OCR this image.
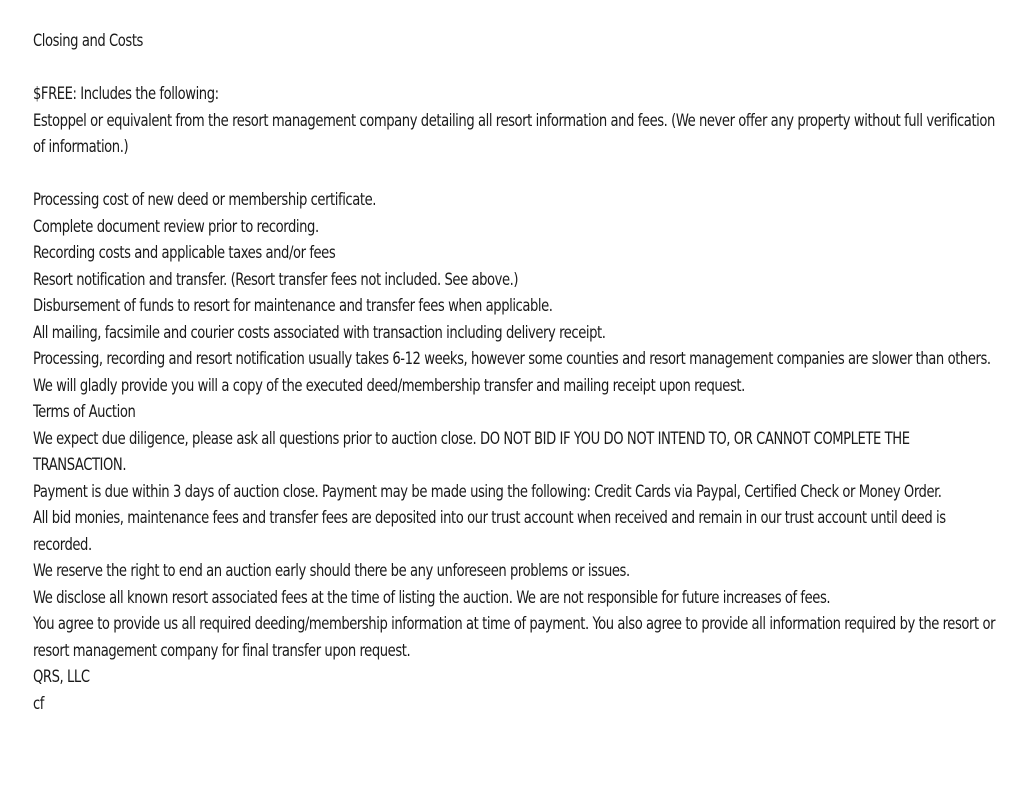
Closing and Costs
$FREE: Includes the following:
Estoppel or equivalent from the resort management company detailing all resort information and fees. (We never offer any property without full verification of information.)
Processing cost of new deed or membership certificate.
Complete document review prior to recording.
Recording costs and applicable taxes and/or fees
Resort notification and transfer. (Resort transfer fees not included. See above.)
Disbursement of funds to resort for maintenance and transfer fees when applicable.
All mailing, facsimile and courier costs associated with transaction including delivery receipt.
Processing, recording and resort notification usually takes 6-12 weeks, however some counties and resort management companies are slower than others. We will gladly provide you will a copy of the executed deed/membership transfer and mailing receipt upon request.
Terms of Auction
We expect due diligence, please ask all questions prior to auction close. DO NOT BID IF YOU DO NOT INTEND TO, OR CANNOT COMPLETE THE TRANSACTION.
Payment is due within 3 days of auction close. Payment may be made using the following: Credit Cards via Paypal, Certified Check or Money Order.
All bid monies, maintenance fees and transfer fees are deposited into our trust account when received and remain in our trust account until deed is recorded.
We reserve the right to end an auction early should there be any unforeseen problems or issues.
We disclose all known resort associated fees at the time of listing the auction. We are not responsible for future increases of fees.
You agree to provide us all required deeding/membership information at time of payment. You also agree to provide all information required by the resort or resort management company for final transfer upon request.
QRS, LLC
cf
